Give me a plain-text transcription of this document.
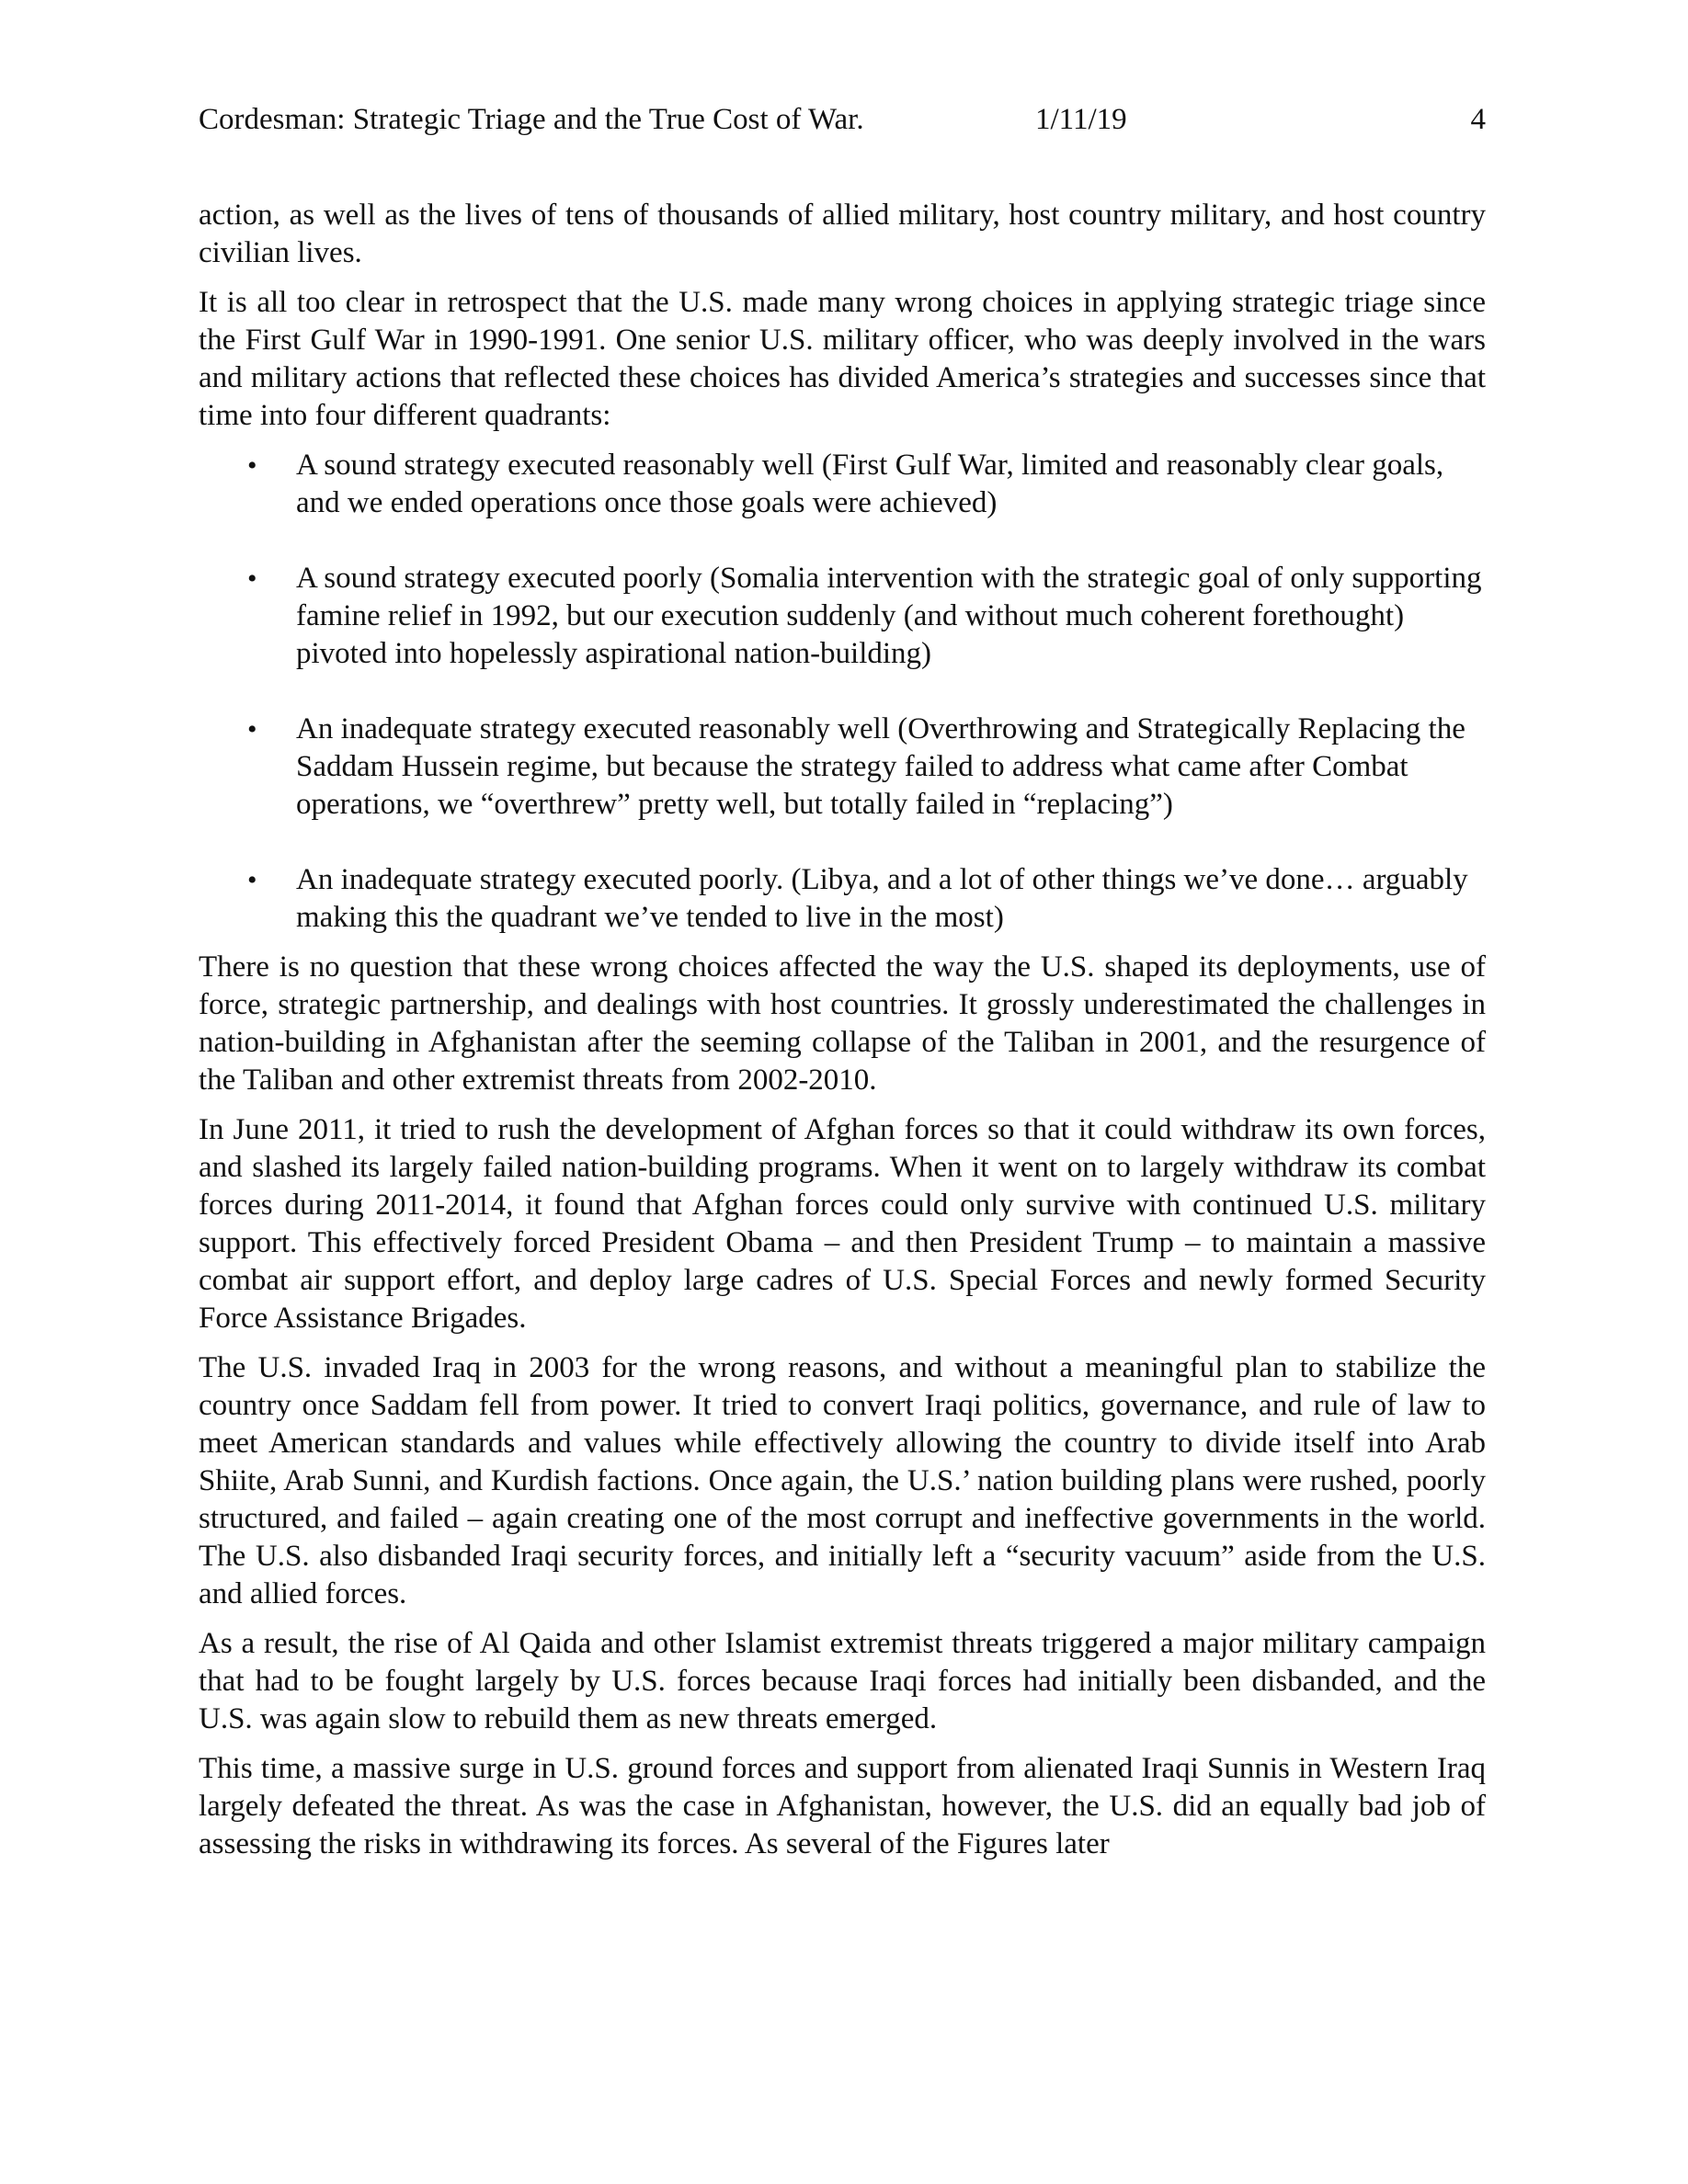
Cordesman: Strategic Triage and the True Cost of War.	1/11/19	4

action, as well as the lives of tens of thousands of allied military, host country military, and host country civilian lives.

It is all too clear in retrospect that the U.S. made many wrong choices in applying strategic triage since the First Gulf War in 1990-1991. One senior U.S. military officer, who was deeply involved in the wars and military actions that reflected these choices has divided America’s strategies and successes since that time into four different quadrants:

• A sound strategy executed reasonably well (First Gulf War, limited and reasonably clear goals, and we ended operations once those goals were achieved)
• A sound strategy executed poorly (Somalia intervention with the strategic goal of only supporting famine relief in 1992, but our execution suddenly (and without much coherent forethought) pivoted into hopelessly aspirational nation-building)
• An inadequate strategy executed reasonably well (Overthrowing and Strategically Replacing the Saddam Hussein regime, but because the strategy failed to address what came after Combat operations, we “overthrew” pretty well, but totally failed in “replacing”)
• An inadequate strategy executed poorly. (Libya, and a lot of other things we’ve done… arguably making this the quadrant we’ve tended to live in the most)

There is no question that these wrong choices affected the way the U.S. shaped its deployments, use of force, strategic partnership, and dealings with host countries. It grossly underestimated the challenges in nation-building in Afghanistan after the seeming collapse of the Taliban in 2001, and the resurgence of the Taliban and other extremist threats from 2002-2010.

In June 2011, it tried to rush the development of Afghan forces so that it could withdraw its own forces, and slashed its largely failed nation-building programs. When it went on to largely withdraw its combat forces during 2011-2014, it found that Afghan forces could only survive with continued U.S. military support. This effectively forced President Obama – and then President Trump – to maintain a massive combat air support effort, and deploy large cadres of U.S. Special Forces and newly formed Security Force Assistance Brigades.

The U.S. invaded Iraq in 2003 for the wrong reasons, and without a meaningful plan to stabilize the country once Saddam fell from power. It tried to convert Iraqi politics, governance, and rule of law to meet American standards and values while effectively allowing the country to divide itself into Arab Shiite, Arab Sunni, and Kurdish factions. Once again, the U.S.’ nation building plans were rushed, poorly structured, and failed – again creating one of the most corrupt and ineffective governments in the world. The U.S. also disbanded Iraqi security forces, and initially left a “security vacuum” aside from the U.S. and allied forces.

As a result, the rise of Al Qaida and other Islamist extremist threats triggered a major military campaign that had to be fought largely by U.S. forces because Iraqi forces had initially been disbanded, and the U.S. was again slow to rebuild them as new threats emerged.

This time, a massive surge in U.S. ground forces and support from alienated Iraqi Sunnis in Western Iraq largely defeated the threat. As was the case in Afghanistan, however, the U.S. did an equally bad job of assessing the risks in withdrawing its forces. As several of the Figures later
